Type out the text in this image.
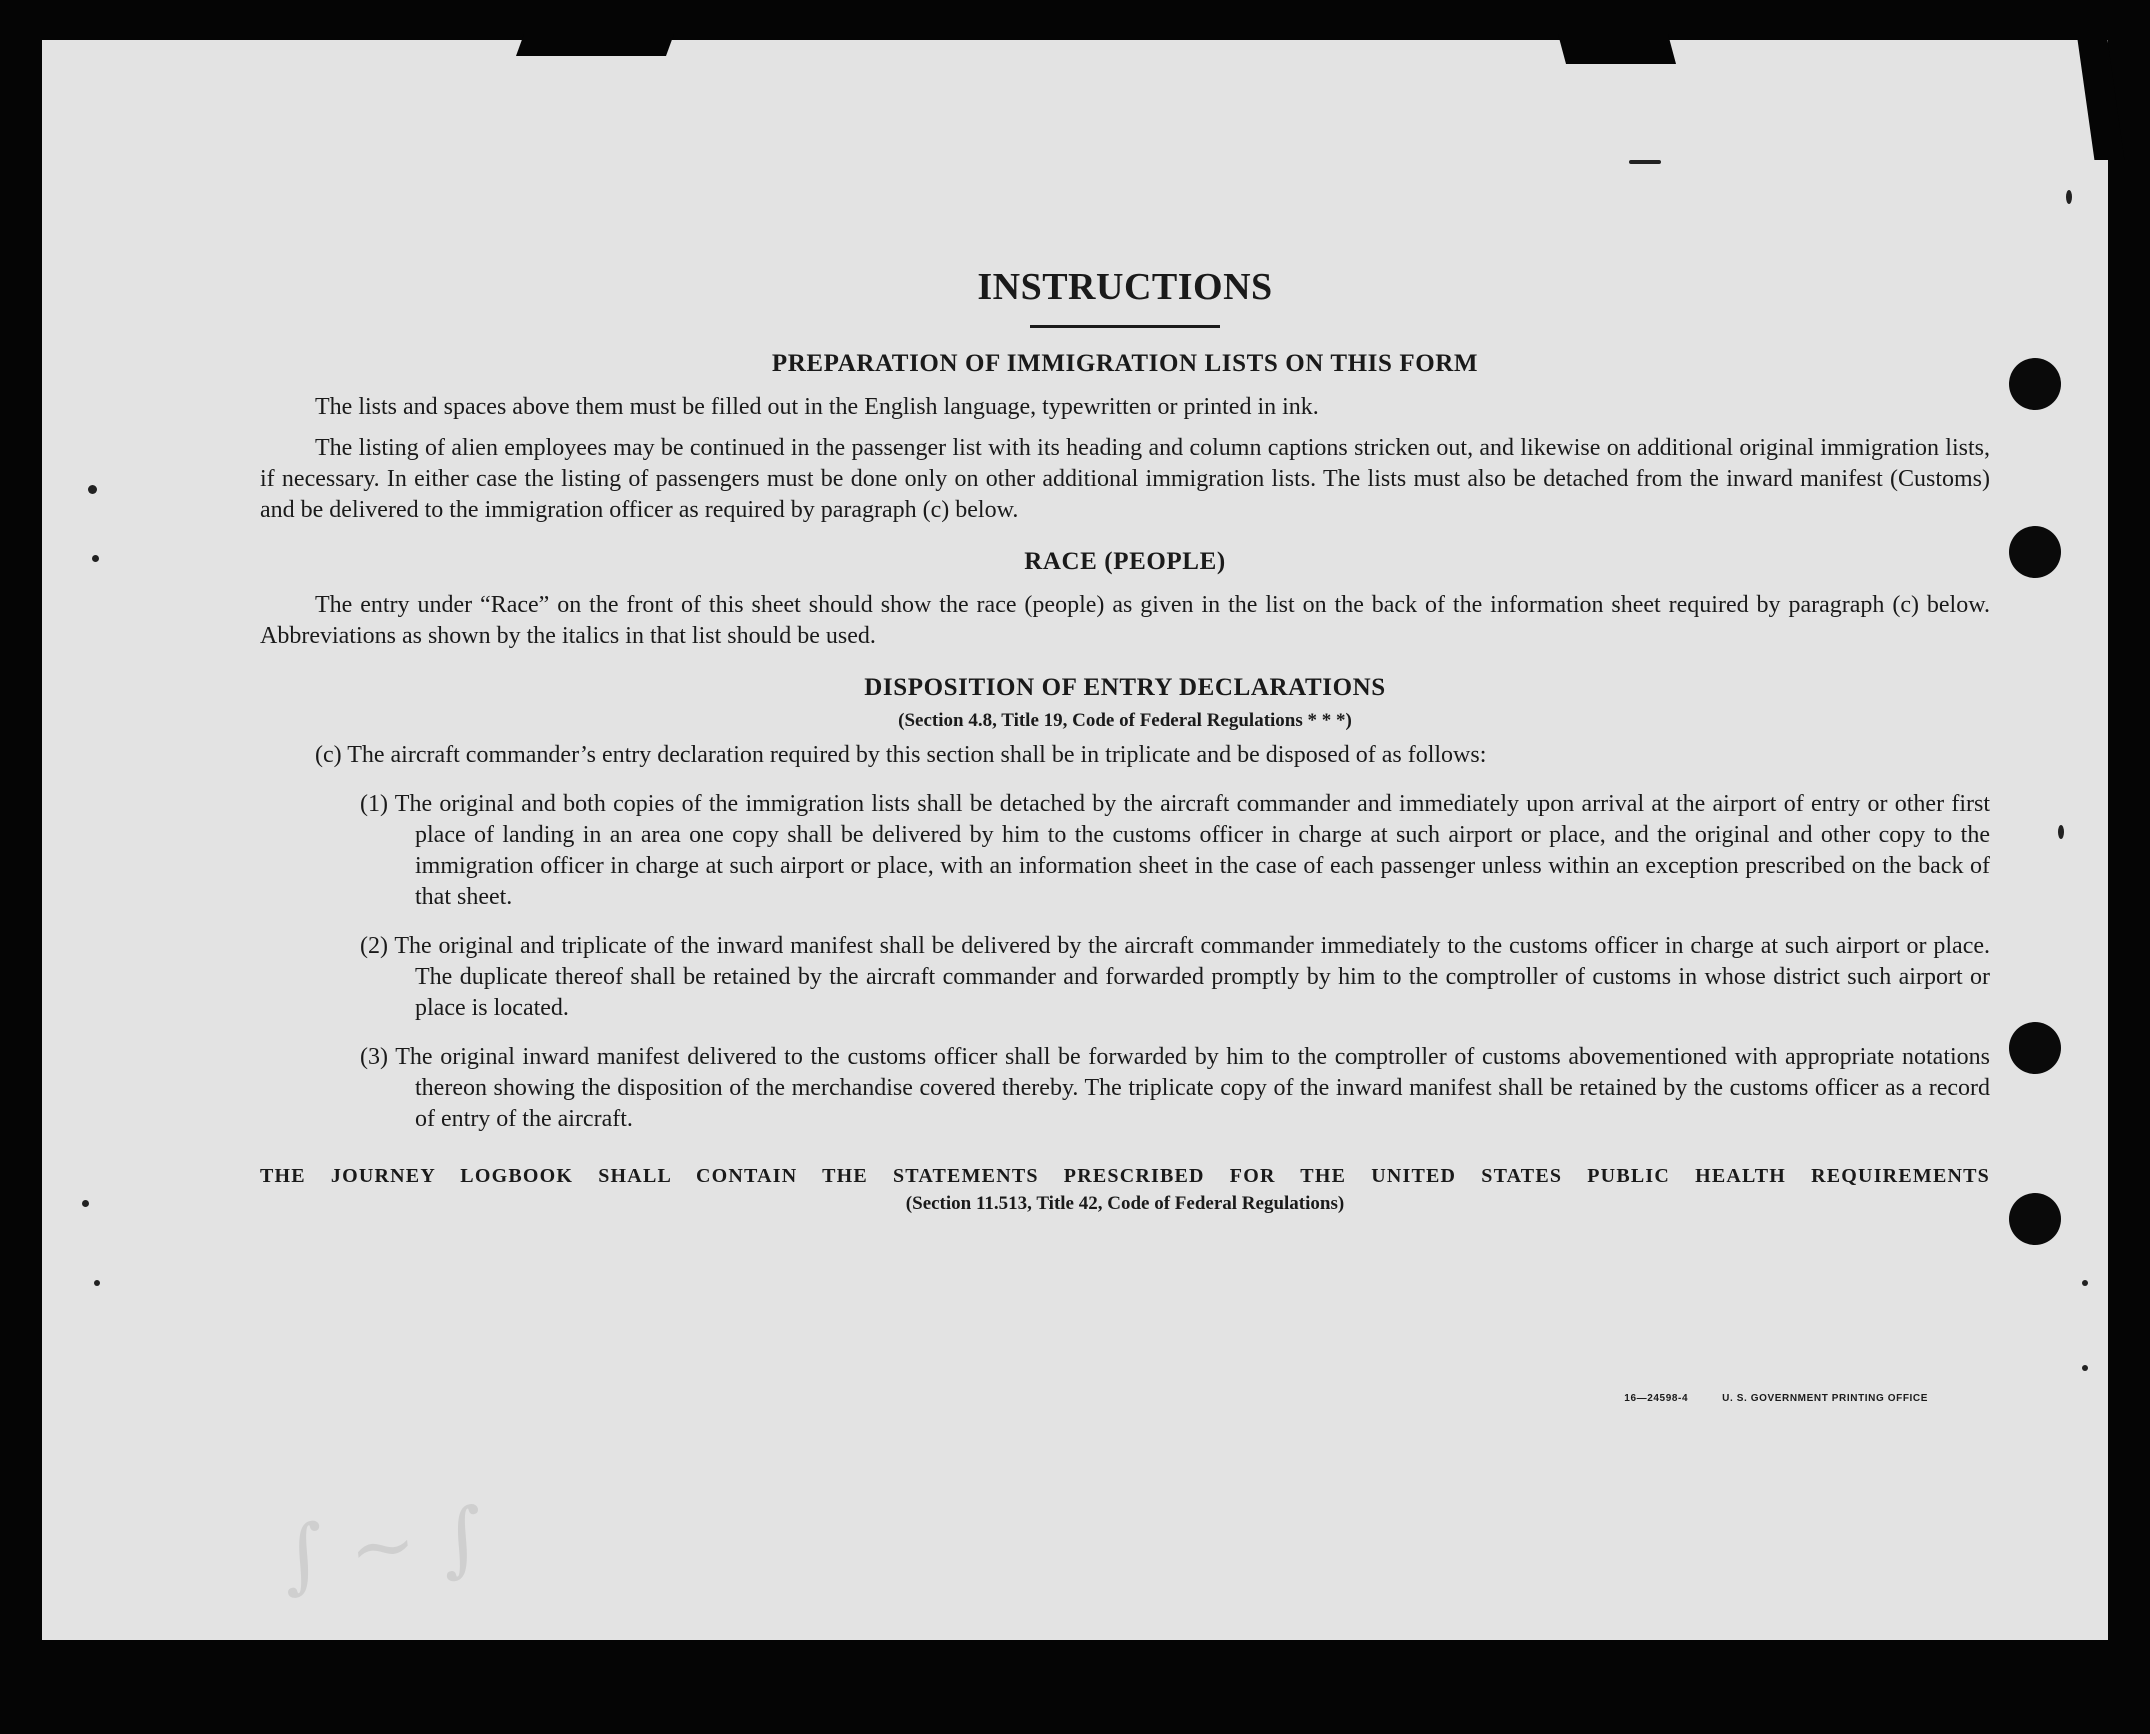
∫ ∼ ∫
INSTRUCTIONS
PREPARATION OF IMMIGRATION LISTS ON THIS FORM

The lists and spaces above them must be filled out in the English language, typewritten or printed in ink.

The listing of alien employees may be continued in the passenger list with its heading and column captions stricken out, and likewise on additional original immigration lists, if necessary. In either case the listing of passengers must be done only on other additional immigration lists. The lists must also be detached from the inward manifest (Customs) and be delivered to the immigration officer as required by paragraph (c) below.

RACE (PEOPLE)

The entry under “Race” on the front of this sheet should show the race (people) as given in the list on the back of the information sheet required by paragraph (c) below. Abbreviations as shown by the italics in that list should be used.

DISPOSITION OF ENTRY DECLARATIONS
(Section 4.8, Title 19, Code of Federal Regulations * * *)

(c) The aircraft commander’s entry declaration required by this section shall be in triplicate and be disposed of as follows:

(1) The original and both copies of the immigration lists shall be detached by the aircraft commander and immediately upon arrival at the airport of entry or other first place of landing in an area one copy shall be delivered by him to the customs officer in charge at such airport or place, and the original and other copy to the immigration officer in charge at such airport or place, with an information sheet in the case of each passenger unless within an exception prescribed on the back of that sheet.

(2) The original and triplicate of the inward manifest shall be delivered by the aircraft commander immediately to the customs officer in charge at such airport or place. The duplicate thereof shall be retained by the aircraft commander and forwarded promptly by him to the comptroller of customs in whose district such airport or place is located.

(3) The original inward manifest delivered to the customs officer shall be forwarded by him to the comptroller of customs abovementioned with appropriate notations thereon showing the disposition of the merchandise covered thereby. The triplicate copy of the inward manifest shall be retained by the customs officer as a record of entry of the aircraft.

THE JOURNEY LOGBOOK SHALL CONTAIN THE STATEMENTS PRESCRIBED FOR THE UNITED STATES PUBLIC HEALTH REQUIREMENTS
(Section 11.513, Title 42, Code of Federal Regulations)
16—24598-4	U. S. GOVERNMENT PRINTING OFFICE
